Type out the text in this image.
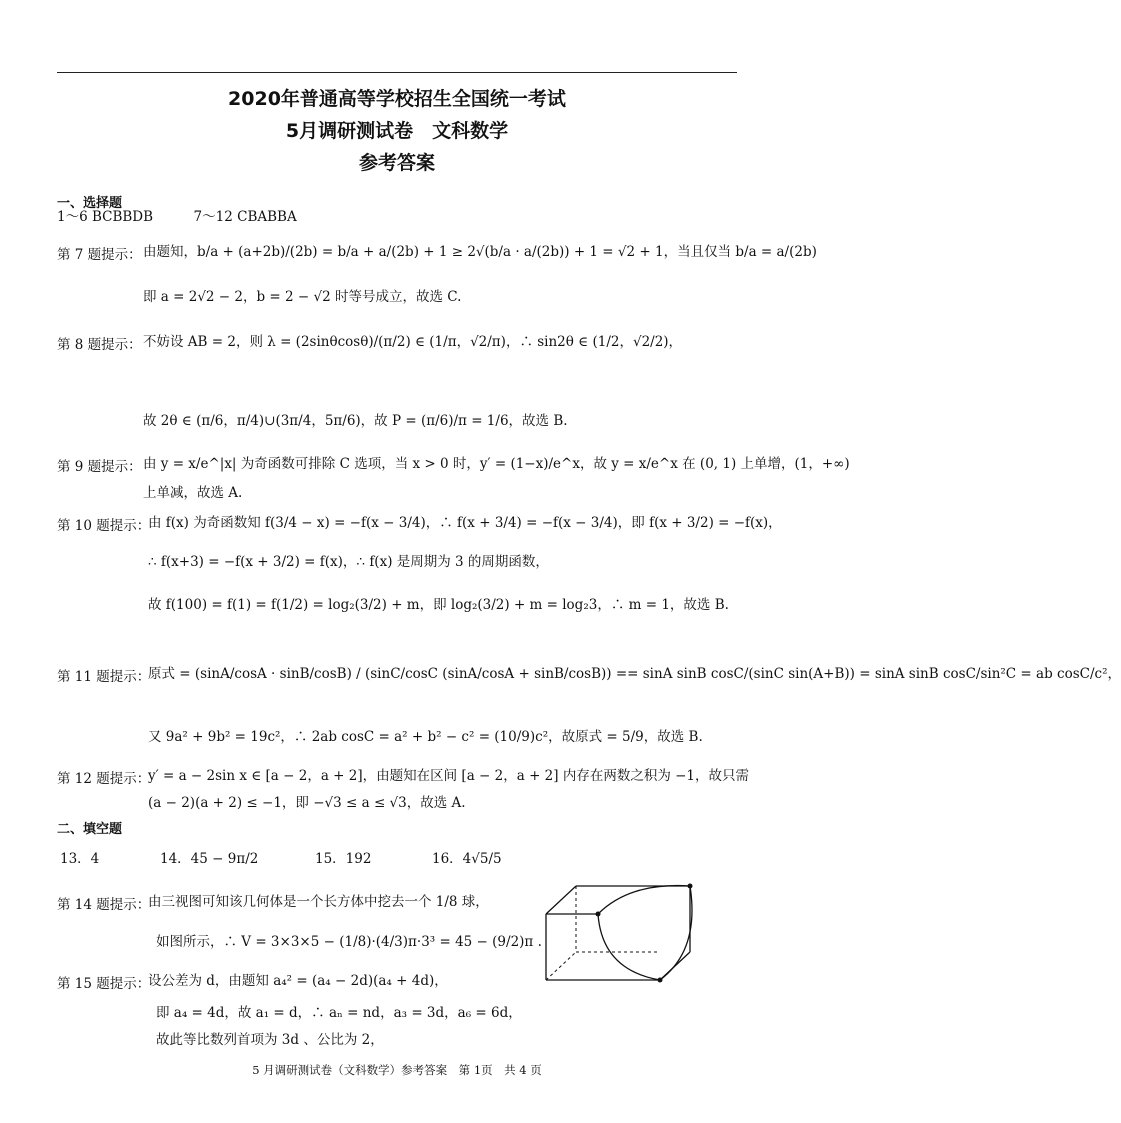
2020年普通高等学校招生全国统一考试
5月调研测试卷　文科数学
参考答案
一、选择题
1～6 BCBBDB　　　7～12 CBABBA
第 7 题提示： 由题知，b/a + (a+2b)/(2b) = b/a + a/(2b) + 1 ≥ 2√(b/a · a/(2b)) + 1 = √2 + 1，当且仅当 b/a = a/(2b)
即 a = 2√2 − 2，b = 2 − √2 时等号成立，故选 C.
第 8 题提示： 不妨设 AB = 2，则 λ = (2sinθcosθ)/(π/2) ∈ (1/π，√2/π)，∴ sin2θ ∈ (1/2，√2/2)，
故 2θ ∈ (π/6，π/4)∪(3π/4，5π/6)，故 P = (π/6)/π = 1/6，故选 B.
第 9 题提示： 由 y = x/e^|x| 为奇函数可排除 C 选项，当 x > 0 时，y′ = (1−x)/e^x，故 y = x/e^x 在 (0, 1) 上单增，(1，+∞)
上单减，故选 A.
第 10 题提示：
由 f(x) 为奇函数知 f(3/4 − x) = −f(x − 3/4)，∴ f(x + 3/4) = −f(x − 3/4)，即 f(x + 3/2) = −f(x)，
∴ f(x+3) = −f(x + 3/2) = f(x)，∴ f(x) 是周期为 3 的周期函数，
故 f(100) = f(1) = f(1/2) = log₂(3/2) + m，即 log₂(3/2) + m = log₂3，∴ m = 1，故选 B.
第 11 题提示：
原式 = (sinA/cosA · sinB/cosB) / (sinC/cosC (sinA/cosA + sinB/cosB)) == sinA sinB cosC/(sinC sin(A+B)) = sinA sinB cosC/sin²C = ab cosC/c²，
又 9a² + 9b² = 19c²，∴ 2ab cosC = a² + b² − c² = (10/9)c²，故原式 = 5/9，故选 B.
第 12 题提示：
y′ = a − 2sin x ∈ [a − 2，a + 2]，由题知在区间 [a − 2，a + 2] 内存在两数之积为 −1，故只需
(a − 2)(a + 2) ≤ −1，即 −√3 ≤ a ≤ √3，故选 A.
二、填空题
13．4	14．45 − 9π/2	15．192	16．4√5/5
第 14 题提示：
由三视图可知该几何体是一个长方体中挖去一个 1/8 球，
如图所示，∴ V = 3×3×5 − (1/8)·(4/3)π·3³ = 45 − (9/2)π .
第 15 题提示：
设公差为 d，由题知 a₄² = (a₄ − 2d)(a₄ + 4d)，
即 a₄ = 4d，故 a₁ = d，∴ aₙ = nd，a₃ = 3d，a₆ = 6d，
故此等比数列首项为 3d 、公比为 2，
5 月调研测试卷（文科数学）参考答案　第 1页　共 4 页
